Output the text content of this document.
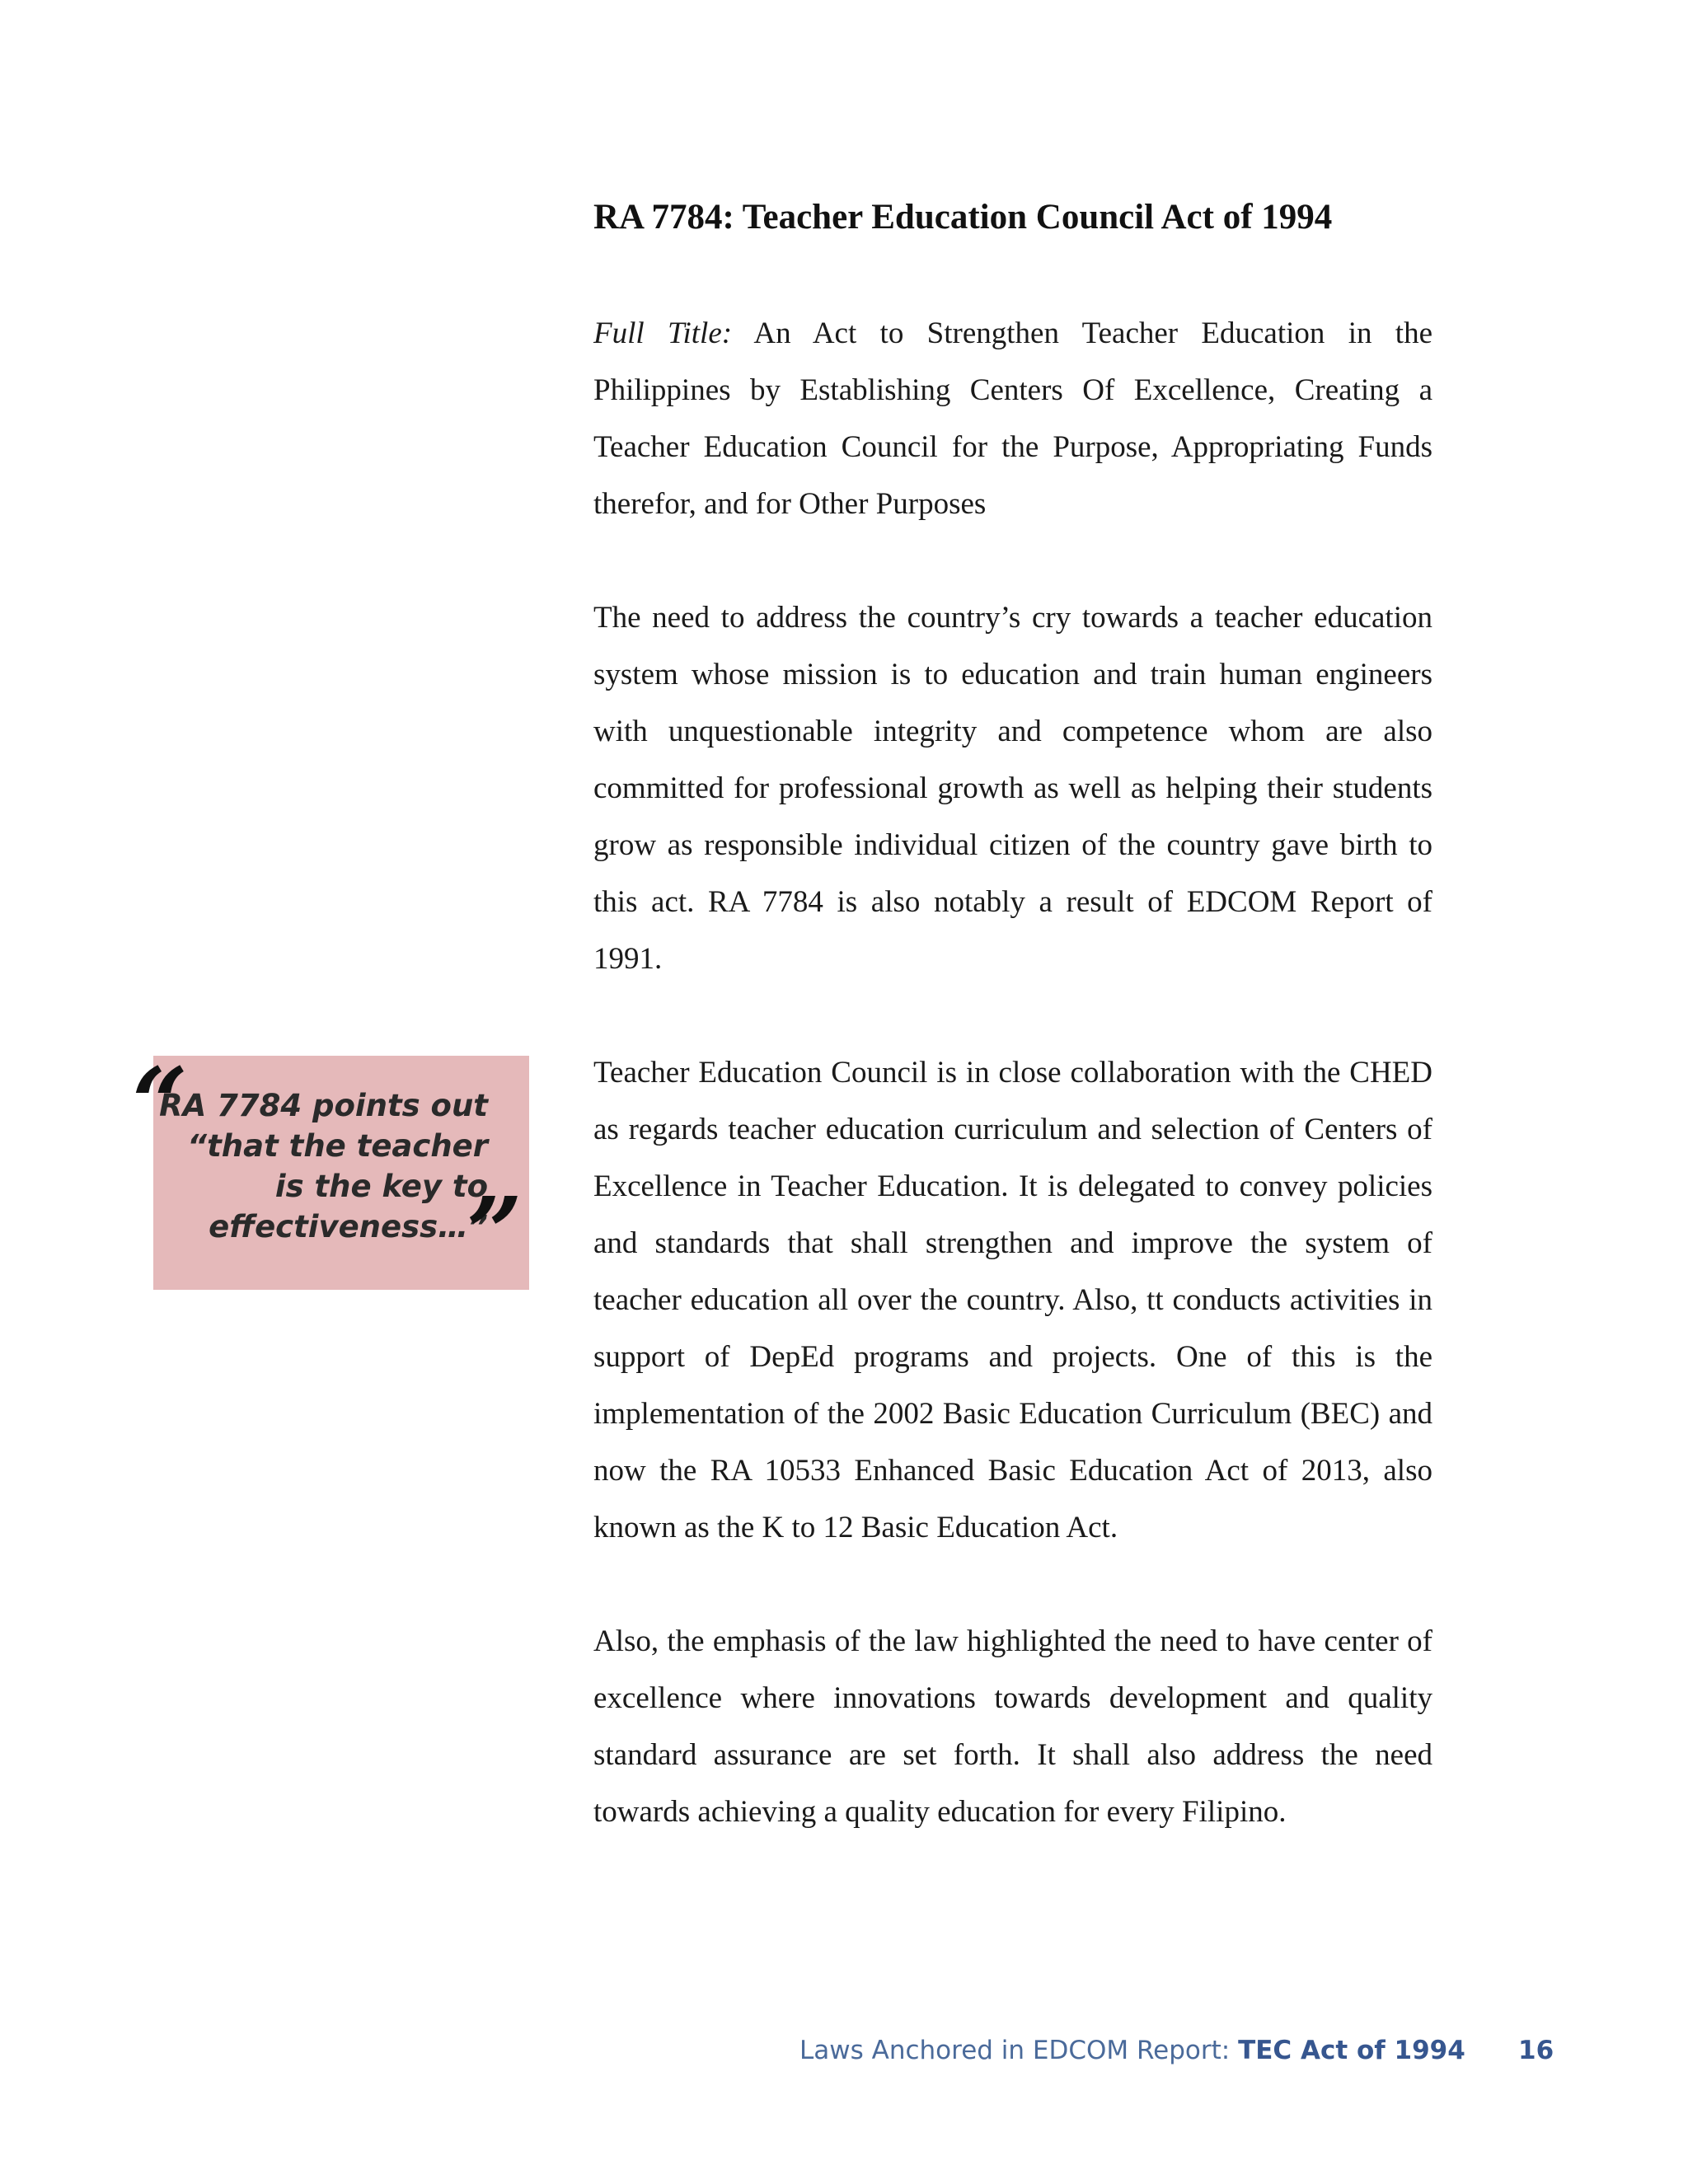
RA 7784 points out
“that the teacher
is the key to
effectiveness…”
“
”
RA 7784: Teacher Education Council Act of 1994

Full Title: An Act to Strengthen Teacher Education in the Philippines by Establishing Centers Of Excellence, Creating a Teacher Education Council for the Purpose, Appropriating Funds therefor, and for Other Purposes

The need to address the country’s cry towards a teacher education system whose mission is to education and train human engineers with unquestionable integrity and competence whom are also committed for professional growth as well as helping their students grow as responsible individual citizen of the country gave birth to this act. RA 7784 is also notably a result of EDCOM Report of 1991.

Teacher Education Council is in close collaboration with the CHED as regards teacher education curriculum and selection of Centers of Excellence in Teacher Education. It is delegated to convey policies and standards that shall strengthen and improve the system of teacher education all over the country. Also, tt conducts activities in support of DepEd programs and projects. One of this is the implementation of the 2002 Basic Education Curriculum (BEC) and now the RA 10533 Enhanced Basic Education Act of 2013, also known as the K to 12 Basic Education Act.

Also, the emphasis of the law highlighted the need to have center of excellence where innovations towards development and quality standard assurance are set forth. It shall also address the need towards achieving a quality education for every Filipino.

Laws Anchored in EDCOM Report: TEC Act of 1994 16
